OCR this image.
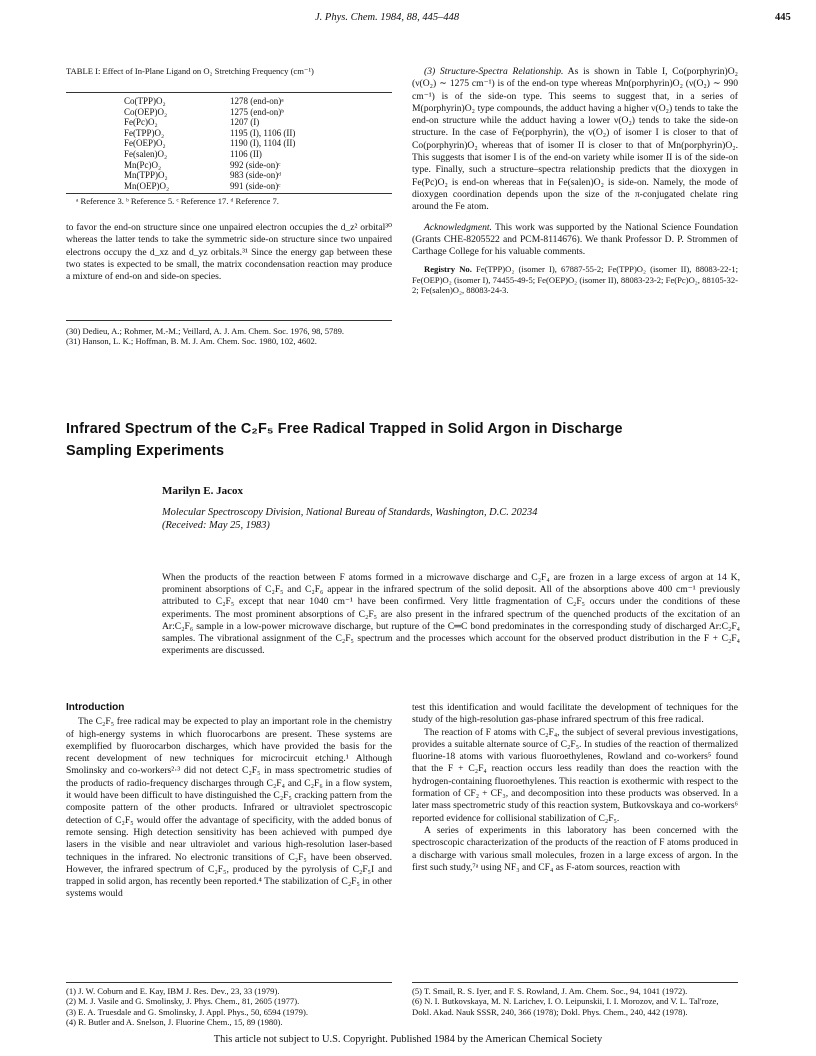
J. Phys. Chem. 1984, 88, 445–448	445
TABLE I: Effect of In-Plane Ligand on O₂ Stretching Frequency (cm⁻¹)
Co(TPP)O₂	1278 (end-on)ᵃ
Co(OEP)O₂	1275 (end-on)ᵇ
Fe(Pc)O₂	1207 (I)
Fe(TPP)O₂	1195 (I), 1106 (II)
Fe(OEP)O₂	1190 (I), 1104 (II)
Fe(salen)O₂	1106 (II)
Mn(Pc)O₂	992 (side-on)ᶜ
Mn(TPP)O₂	983 (side-on)ᵈ
Mn(OEP)O₂	991 (side-on)ᶜ
ᵃ Reference 3. ᵇ Reference 5. ᶜ Reference 17. ᵈ Reference 7.
to favor the end-on structure since one unpaired electron occupies the d_z² orbital³⁰ whereas the latter tends to take the symmetric side-on structure since two unpaired electrons occupy the d_xz and d_yz orbitals.³¹ Since the energy gap between these two states is expected to be small, the matrix cocondensation reaction may produce a mixture of end-on and side-on species.

(30) Dedieu, A.; Rohmer, M.-M.; Veillard, A. J. Am. Chem. Soc. 1976, 98, 5789.

(31) Hanson, L. K.; Hoffman, B. M. J. Am. Chem. Soc. 1980, 102, 4602.

(3) Structure-Spectra Relationship. As is shown in Table I, Co(porphyrin)O₂ (ν(O₂) ∼ 1275 cm⁻¹) is of the end-on type whereas Mn(porphyrin)O₂ (ν(O₂) ∼ 990 cm⁻¹) is of the side-on type. This seems to suggest that, in a series of M(porphyrin)O₂ type compounds, the adduct having a higher ν(O₂) tends to take the end-on structure while the adduct having a lower ν(O₂) tends to take the side-on structure. In the case of Fe(porphyrin), the ν(O₂) of isomer I is closer to that of Co(porphyrin)O₂ whereas that of isomer II is closer to that of Mn(porphyrin)O₂. This suggests that isomer I is of the end-on variety while isomer II is of the side-on type. Finally, such a structure–spectra relationship predicts that the dioxygen in Fe(Pc)O₂ is end-on whereas that in Fe(salen)O₂ is side-on. Namely, the mode of dioxygen coordination depends upon the size of the π-conjugated chelate ring around the Fe atom.

Acknowledgment. This work was supported by the National Science Foundation (Grants CHE-8205522 and PCM-8114676). We thank Professor D. P. Strommen of Carthage College for his valuable comments.

Registry No. Fe(TPP)O₂ (isomer I), 67887-55-2; Fe(TPP)O₂ (isomer II), 88083-22-1; Fe(OEP)O₂ (isomer I), 74455-49-5; Fe(OEP)O₂ (isomer II), 88083-23-2; Fe(Pc)O₂, 88105-32-2; Fe(salen)O₂, 88083-24-3.

Infrared Spectrum of the C₂F₅ Free Radical Trapped in Solid Argon in Discharge
Sampling Experiments
Marilyn E. Jacox
Molecular Spectroscopy Division, National Bureau of Standards, Washington, D.C. 20234
(Received: May 25, 1983)
When the products of the reaction between F atoms formed in a microwave discharge and C₂F₄ are frozen in a large excess of argon at 14 K, prominent absorptions of C₂F₅ and C₂F₆ appear in the infrared spectrum of the solid deposit. All of the absorptions above 400 cm⁻¹ previously attributed to C₂F₅ except that near 1040 cm⁻¹ have been confirmed. Very little fragmentation of C₂F₅ occurs under the conditions of these experiments. The most prominent absorptions of C₂F₅ are also present in the infrared spectrum of the quenched products of the excitation of an Ar:C₂F₆ sample in a low-power microwave discharge, but rupture of the C═C bond predominates in the corresponding study of discharged Ar:C₂F₄ samples. The vibrational assignment of the C₂F₅ spectrum and the processes which account for the observed product distribution in the F + C₂F₄ experiments are discussed.
Introduction

The C₂F₅ free radical may be expected to play an important role in the chemistry of high-energy systems in which fluorocarbons are present. These systems are exemplified by fluorocarbon discharges, which have provided the basis for the recent development of new techniques for microcircuit etching.¹ Although Smolinsky and co-workers²·³ did not detect C₂F₅ in mass spectrometric studies of the products of radio-frequency discharges through C₂F₄ and C₂F₆ in a flow system, it would have been difficult to have distinguished the C₂F₅ cracking pattern from the composite pattern of the other products. Infrared or ultraviolet spectroscopic detection of C₂F₅ would offer the advantage of specificity, with the added bonus of remote sensing. High detection sensitivity has been achieved with pumped dye lasers in the visible and near ultraviolet and various high-resolution laser-based techniques in the infrared. No electronic transitions of C₂F₅ have been observed. However, the infrared spectrum of C₂F₅, produced by the pyrolysis of C₂F₅I and trapped in solid argon, has recently been reported.⁴ The stabilization of C₂F₅ in other systems would

test this identification and would facilitate the development of techniques for the study of the high-resolution gas-phase infrared spectrum of this free radical.

The reaction of F atoms with C₂F₄, the subject of several previous investigations, provides a suitable alternate source of C₂F₅. In studies of the reaction of thermalized fluorine-18 atoms with various fluoroethylenes, Rowland and co-workers⁵ found that the F + C₂F₄ reaction occurs less readily than does the reaction with the hydrogen-containing fluoroethylenes. This reaction is exothermic with respect to the formation of CF₂ + CF₃, and decomposition into these products was observed. In a later mass spectrometric study of this reaction system, Butkovskaya and co-workers⁶ reported evidence for collisional stabilization of C₂F₅.

A series of experiments in this laboratory has been concerned with the spectroscopic characterization of the products of the reaction of F atoms produced in a discharge with various small molecules, frozen in a large excess of argon. In the first such study,⁷ᵃ using NF₃ and CF₄ as F-atom sources, reaction with

(1) J. W. Coburn and E. Kay, IBM J. Res. Dev., 23, 33 (1979).

(2) M. J. Vasile and G. Smolinsky, J. Phys. Chem., 81, 2605 (1977).

(3) E. A. Truesdale and G. Smolinsky, J. Appl. Phys., 50, 6594 (1979).

(4) R. Butler and A. Snelson, J. Fluorine Chem., 15, 89 (1980).

(5) T. Smail, R. S. Iyer, and F. S. Rowland, J. Am. Chem. Soc., 94, 1041 (1972).

(6) N. I. Butkovskaya, M. N. Larichev, I. O. Leipunskii, I. I. Morozov, and V. L. Tal'roze, Dokl. Akad. Nauk SSSR, 240, 366 (1978); Dokl. Phys. Chem., 240, 442 (1978).

This article not subject to U.S. Copyright. Published 1984 by the American Chemical Society
